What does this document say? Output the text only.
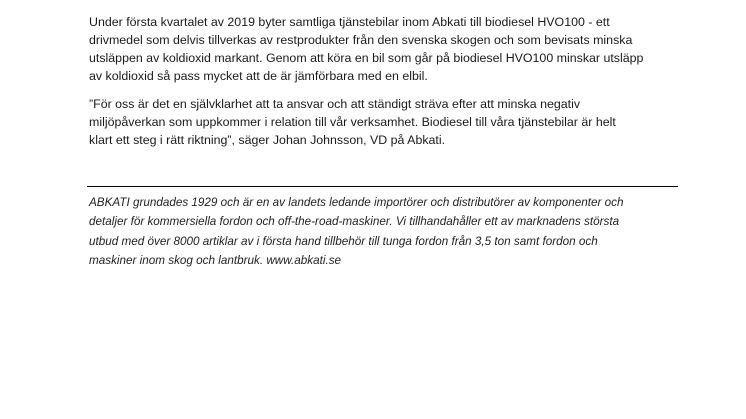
Under första kvartalet av 2019 byter samtliga tjänstebilar inom Abkati till biodiesel HVO100 - ett
drivmedel som delvis tillverkas av restprodukter från den svenska skogen och som bevisats minska
utsläppen av koldioxid markant. Genom att köra en bil som går på biodiesel HVO100 minskar utsläpp
av koldioxid så pass mycket att de är jämförbara med en elbil.

”För oss är det en självklarhet att ta ansvar och att ständigt sträva efter att minska negativ
miljöpåverkan som uppkommer i relation till vår verksamhet. Biodiesel till våra tjänstebilar är helt
klart ett steg i rätt riktning”, säger Johan Johnsson, VD på Abkati.

ABKATI grundades 1929 och är en av landets ledande importörer och distributörer av komponenter och
detaljer för kommersiella fordon och off-the-road-maskiner. Vi tillhandahåller ett av marknadens största
utbud med över 8000 artiklar av i första hand tillbehör till tunga fordon från 3,5 ton samt fordon och
maskiner inom skog och lantbruk. www.abkati.se
